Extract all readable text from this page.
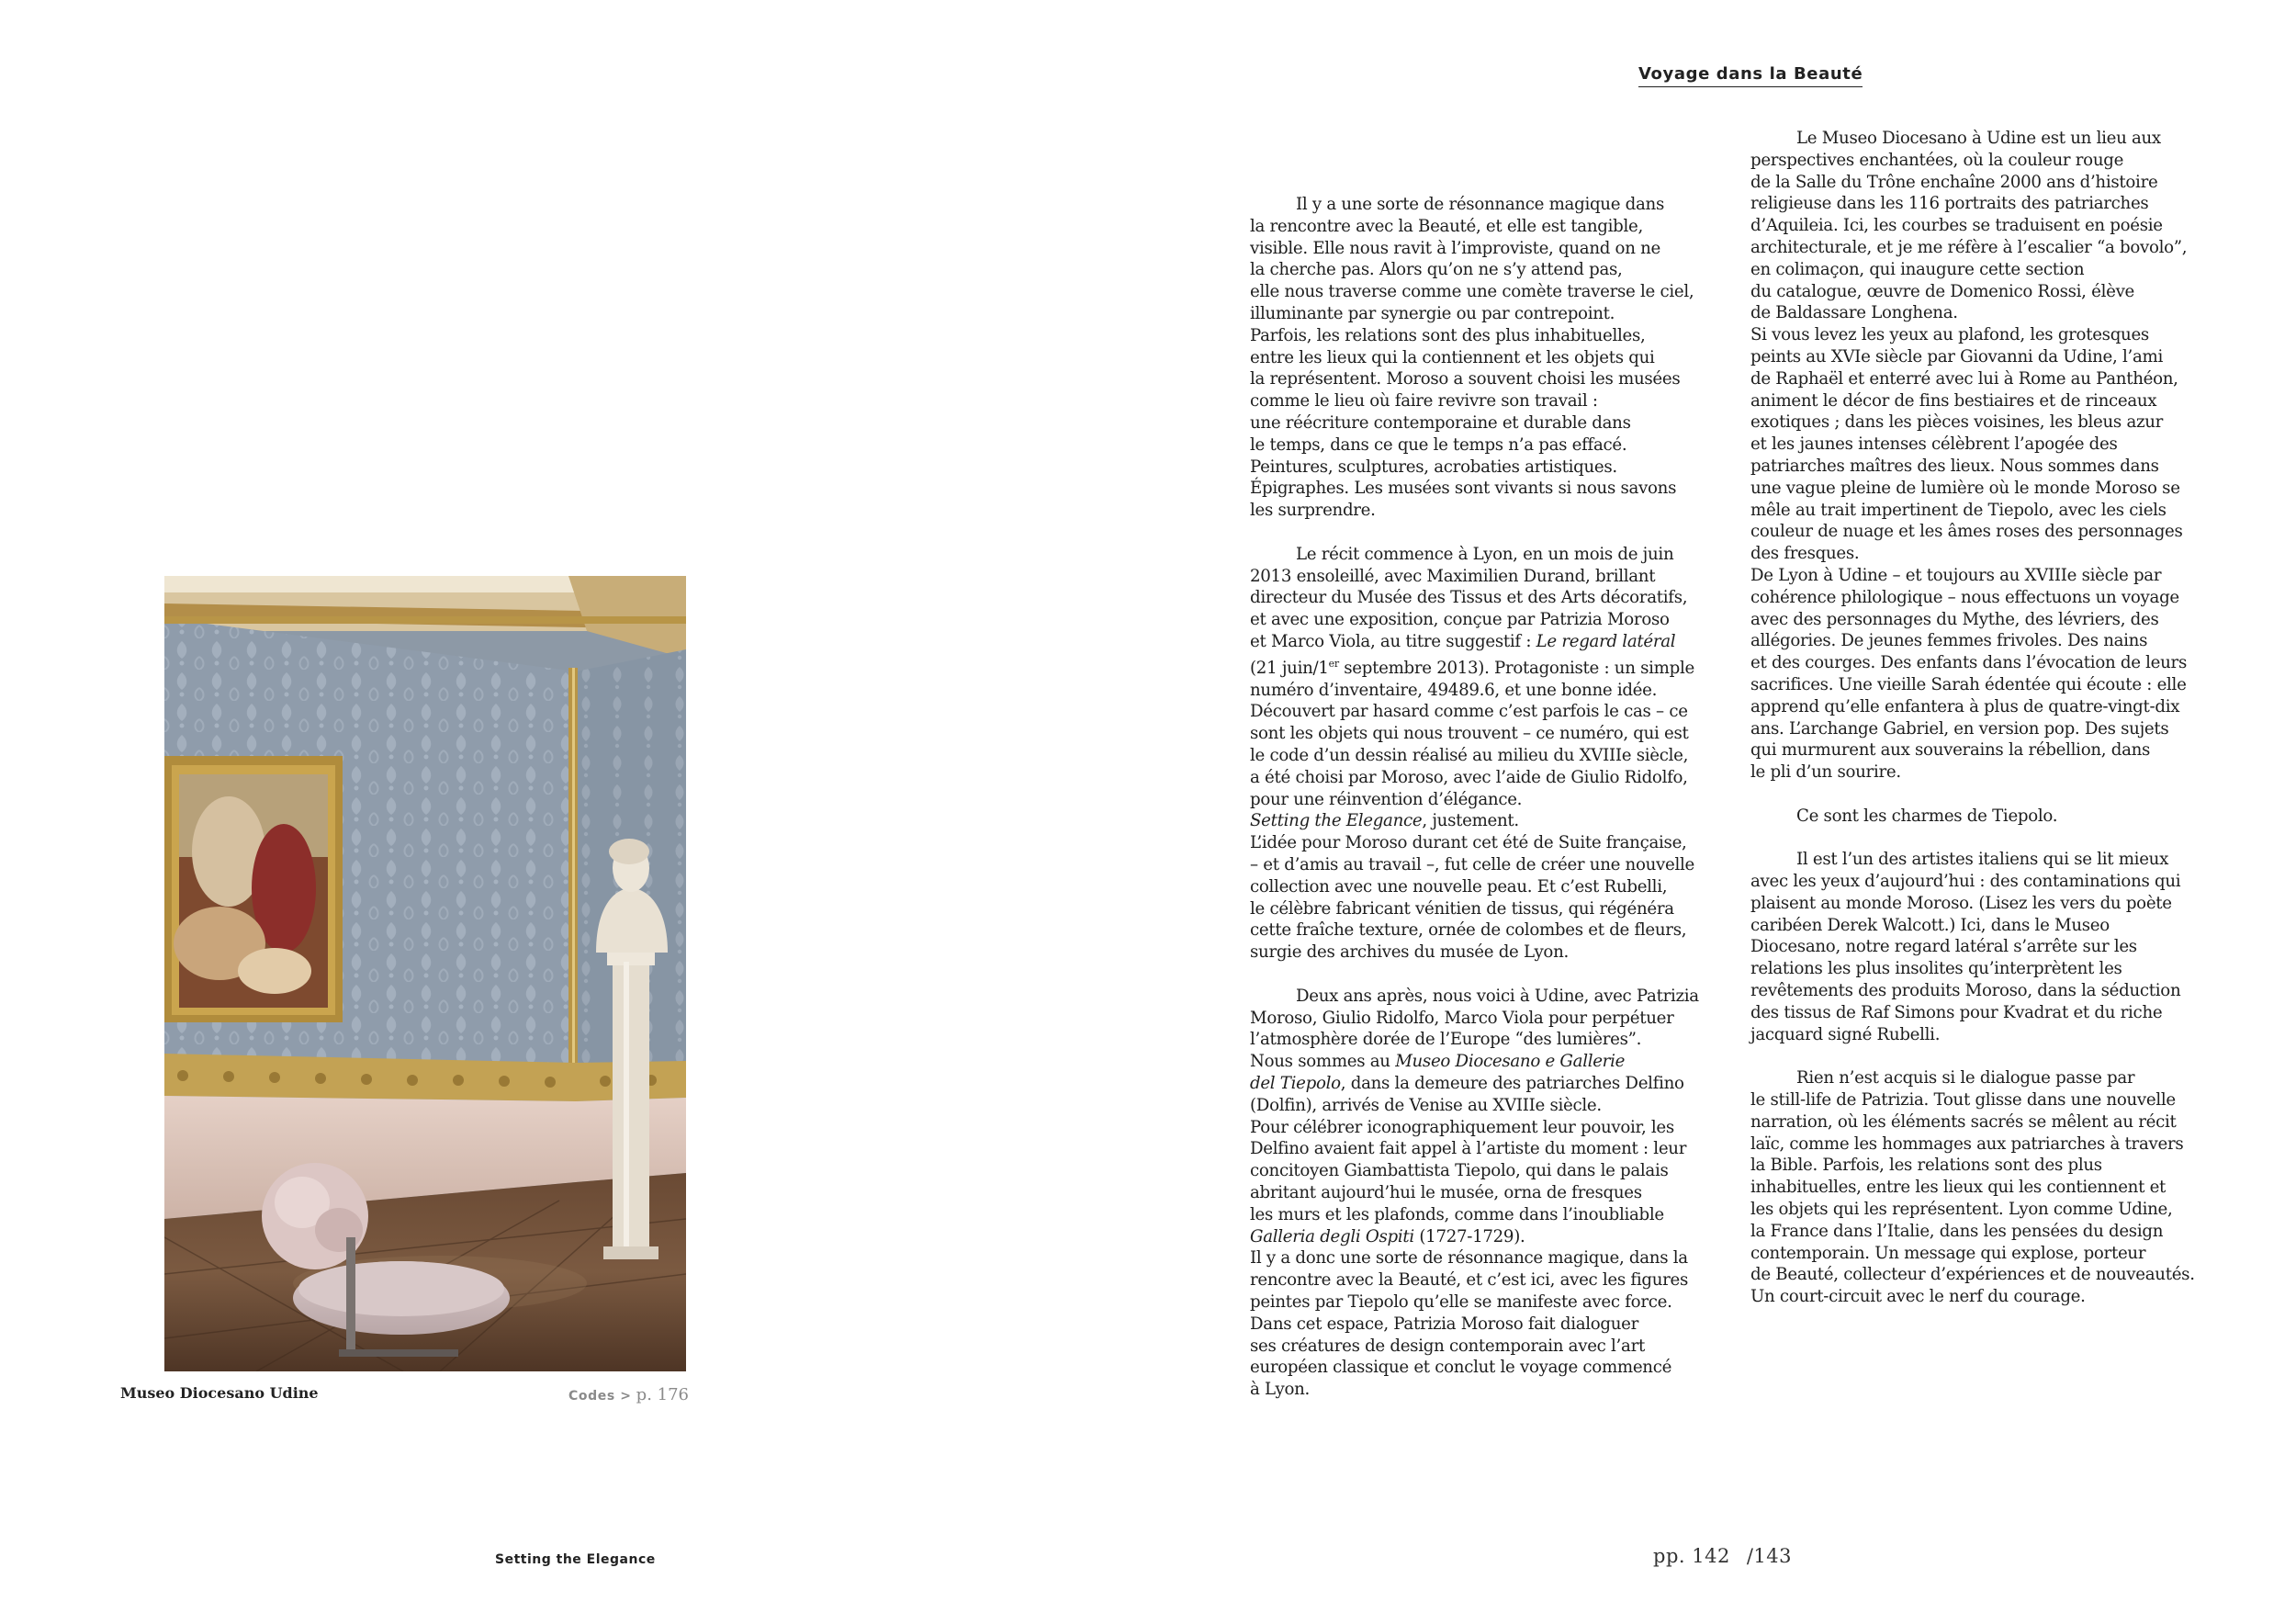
Museo Diocesano Udine	Codes > p. 176
Setting the Elegance
Voyage dans la Beauté

Il y a une sorte de résonnance magique dans

la rencontre avec la Beauté, et elle est tangible,
visible. Elle nous ravit à l’improviste, quand on ne
la cherche pas. Alors qu’on ne s’y attend pas,
elle nous traverse comme une comète traverse le ciel,
illuminante par synergie ou par contrepoint.
Parfois, les relations sont des plus inhabituelles,
entre les lieux qui la contiennent et les objets qui
la représentent. Moroso a souvent choisi les musées
comme le lieu où faire revivre son travail :
une réécriture contemporaine et durable dans
le temps, dans ce que le temps n’a pas effacé.
Peintures, sculptures, acrobaties artistiques.
Épigraphes. Les musées sont vivants si nous savons
les surprendre.

Le récit commence à Lyon, en un mois de juin

2013 ensoleillé, avec Maximilien Durand, brillant
directeur du Musée des Tissus et des Arts décoratifs,
et avec une exposition, conçue par Patrizia Moroso
et Marco Viola, au titre suggestif : Le regard latéral
(21 juin/1er septembre 2013). Protagoniste : un simple
numéro d’inventaire, 49489.6, et une bonne idée.
Découvert par hasard comme c’est parfois le cas – ce
sont les objets qui nous trouvent – ce numéro, qui est
le code d’un dessin réalisé au milieu du XVIIIe siècle,
a été choisi par Moroso, avec l’aide de Giulio Ridolfo,
pour une réinvention d’élégance.
Setting the Elegance, justement.
L’idée pour Moroso durant cet été de Suite française,
– et d’amis au travail –, fut celle de créer une nouvelle
collection avec une nouvelle peau. Et c’est Rubelli,
le célèbre fabricant vénitien de tissus, qui régénéra
cette fraîche texture, ornée de colombes et de fleurs,
surgie des archives du musée de Lyon.

Deux ans après, nous voici à Udine, avec Patrizia

Moroso, Giulio Ridolfo, Marco Viola pour perpétuer
l’atmosphère dorée de l’Europe “des lumières”.
Nous sommes au Museo Diocesano e Gallerie
del Tiepolo, dans la demeure des patriarches Delfino
(Dolfin), arrivés de Venise au XVIIIe siècle.
Pour célébrer iconographiquement leur pouvoir, les
Delfino avaient fait appel à l’artiste du moment : leur
concitoyen Giambattista Tiepolo, qui dans le palais
abritant aujourd’hui le musée, orna de fresques
les murs et les plafonds, comme dans l’inoubliable
Galleria degli Ospiti (1727-1729).
Il y a donc une sorte de résonnance magique, dans la
rencontre avec la Beauté, et c’est ici, avec les figures
peintes par Tiepolo qu’elle se manifeste avec force.
Dans cet espace, Patrizia Moroso fait dialoguer
ses créatures de design contemporain avec l’art
européen classique et conclut le voyage commencé
à Lyon.

Le Museo Diocesano à Udine est un lieu aux

perspectives enchantées, où la couleur rouge
de la Salle du Trône enchaîne 2000 ans d’histoire
religieuse dans les 116 portraits des patriarches
d’Aquileia. Ici, les courbes se traduisent en poésie
architecturale, et je me réfère à l’escalier “a bovolo”,
en colimaçon, qui inaugure cette section
du catalogue, œuvre de Domenico Rossi, élève
de Baldassare Longhena.
Si vous levez les yeux au plafond, les grotesques
peints au XVIe siècle par Giovanni da Udine, l’ami
de Raphaël et enterré avec lui à Rome au Panthéon,
animent le décor de fins bestiaires et de rinceaux
exotiques ; dans les pièces voisines, les bleus azur
et les jaunes intenses célèbrent l’apogée des
patriarches maîtres des lieux. Nous sommes dans
une vague pleine de lumière où le monde Moroso se
mêle au trait impertinent de Tiepolo, avec les ciels
couleur de nuage et les âmes roses des personnages
des fresques.
De Lyon à Udine – et toujours au XVIIIe siècle par
cohérence philologique – nous effectuons un voyage
avec des personnages du Mythe, des lévriers, des
allégories. De jeunes femmes frivoles. Des nains
et des courges. Des enfants dans l’évocation de leurs
sacrifices. Une vieille Sarah édentée qui écoute : elle
apprend qu’elle enfantera à plus de quatre-vingt-dix
ans. L’archange Gabriel, en version pop. Des sujets
qui murmurent aux souverains la rébellion, dans
le pli d’un sourire.

Ce sont les charmes de Tiepolo.

Il est l’un des artistes italiens qui se lit mieux

avec les yeux d’aujourd’hui : des contaminations qui
plaisent au monde Moroso. (Lisez les vers du poète
caribéen Derek Walcott.) Ici, dans le Museo
Diocesano, notre regard latéral s’arrête sur les
relations les plus insolites qu’interprètent les
revêtements des produits Moroso, dans la séduction
des tissus de Raf Simons pour Kvadrat et du riche
jacquard signé Rubelli.

Rien n’est acquis si le dialogue passe par

le still-life de Patrizia. Tout glisse dans une nouvelle
narration, où les éléments sacrés se mêlent au récit
laïc, comme les hommages aux patriarches à travers
la Bible. Parfois, les relations sont des plus
inhabituelles, entre les lieux qui les contiennent et
les objets qui les représentent. Lyon comme Udine,
la France dans l’Italie, dans les pensées du design
contemporain. Un message qui explose, porteur
de Beauté, collecteur d’expériences et de nouveautés.
Un court-circuit avec le nerf du courage.

pp. 142 /143
